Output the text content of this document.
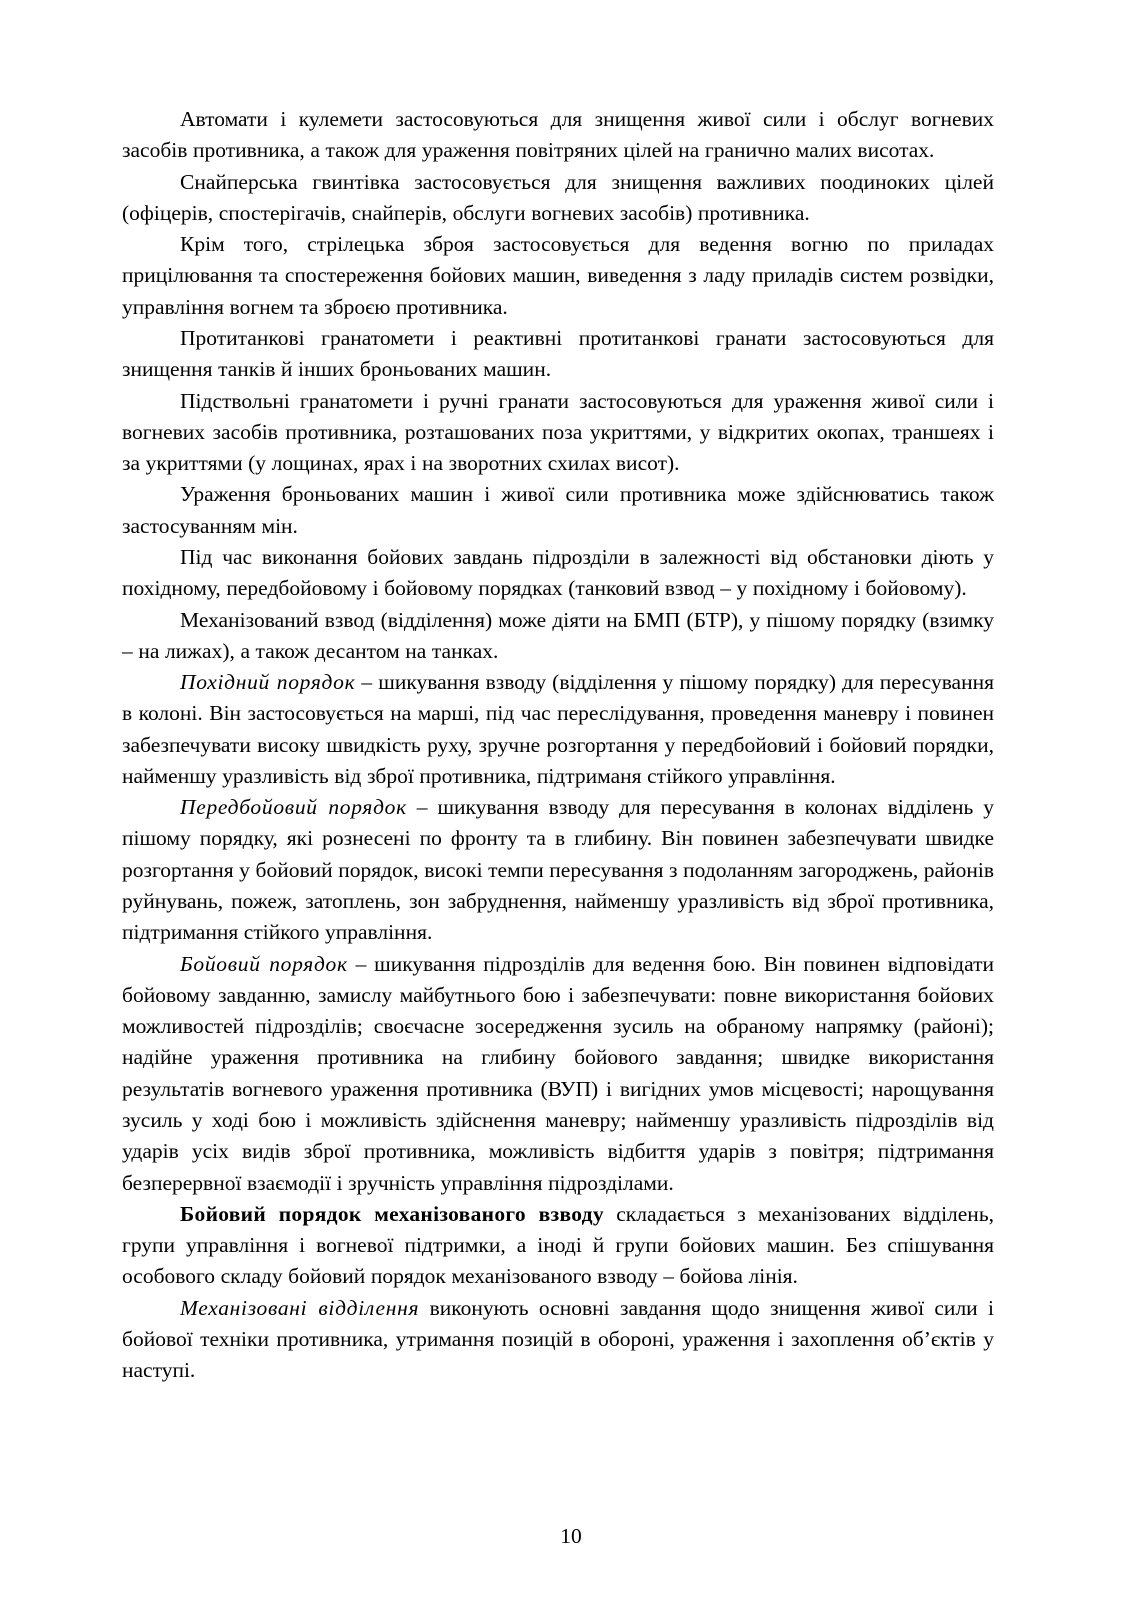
Автомати і кулемети застосовуються для знищення живої сили і обслуг вогневих засобів противника, а також для ураження повітряних цілей на гранично малих висотах.

Снайперська гвинтівка застосовується для знищення важливих поодиноких цілей (офіцерів, спостерігачів, снайперів, обслуги вогневих засобів) противника.

Крім того, стрілецька зброя застосовується для ведення вогню по приладах прицілювання та спостереження бойових машин, виведення з ладу приладів систем розвідки, управління вогнем та зброєю противника.

Протитанкові гранатомети і реактивні протитанкові гранати застосовуються для знищення танків й інших броньованих машин.

Підствольні гранатомети і ручні гранати застосовуються для ураження живої сили і вогневих засобів противника, розташованих поза укриттями, у відкритих окопах, траншеях і за укриттями (у лощинах, ярах і на зворотних схилах висот).

Ураження броньованих машин і живої сили противника може здійснюватись також застосуванням мін.

Під час виконання бойових завдань підрозділи в залежності від обстановки діють у похідному, передбойовому і бойовому порядках (танковий взвод – у похідному і бойовому).

Механізований взвод (відділення) може діяти на БМП (БТР), у пішому порядку (взимку – на лижах), а також десантом на танках.

Похідний порядок – шикування взводу (відділення у пішому порядку) для пересування в колоні. Він застосовується на марші, під час переслідування, проведення маневру і повинен забезпечувати високу швидкість руху, зручне розгортання у передбойовий і бойовий порядки, найменшу уразливість від зброї противника, підтриманя стійкого управління.

Передбойовий порядок – шикування взводу для пересування в колонах відділень у пішому порядку, які рознесені по фронту та в глибину. Він повинен забезпечувати швидке розгортання у бойовий порядок, високі темпи пересування з подоланням загороджень, районів руйнувань, пожеж, затоплень, зон забруднення, найменшу уразливість від зброї противника, підтримання стійкого управління.

Бойовий порядок – шикування підрозділів для ведення бою. Він повинен відповідати бойовому завданню, замислу майбутнього бою і забезпечувати: повне використання бойових можливостей підрозділів; своєчасне зосередження зусиль на обраному напрямку (районі); надійне ураження противника на глибину бойового завдання; швидке використання результатів вогневого ураження противника (ВУП) і вигідних умов місцевості; нарощування зусиль у ході бою і можливість здійснення маневру; найменшу уразливість підрозділів від ударів усіх видів зброї противника, можливість відбиття ударів з повітря; підтримання безперервної взаємодії і зручність управління підрозділами.

Бойовий порядок механізованого взводу складається з механізованих відділень, групи управління і вогневої підтримки, а іноді й групи бойових машин. Без спішування особового складу бойовий порядок механізованого взводу – бойова лінія.

Механізовані відділення виконують основні завдання щодо знищення живої сили і бойової техніки противника, утримання позицій в обороні, ураження і захоплення об’єктів у наступі.

10
